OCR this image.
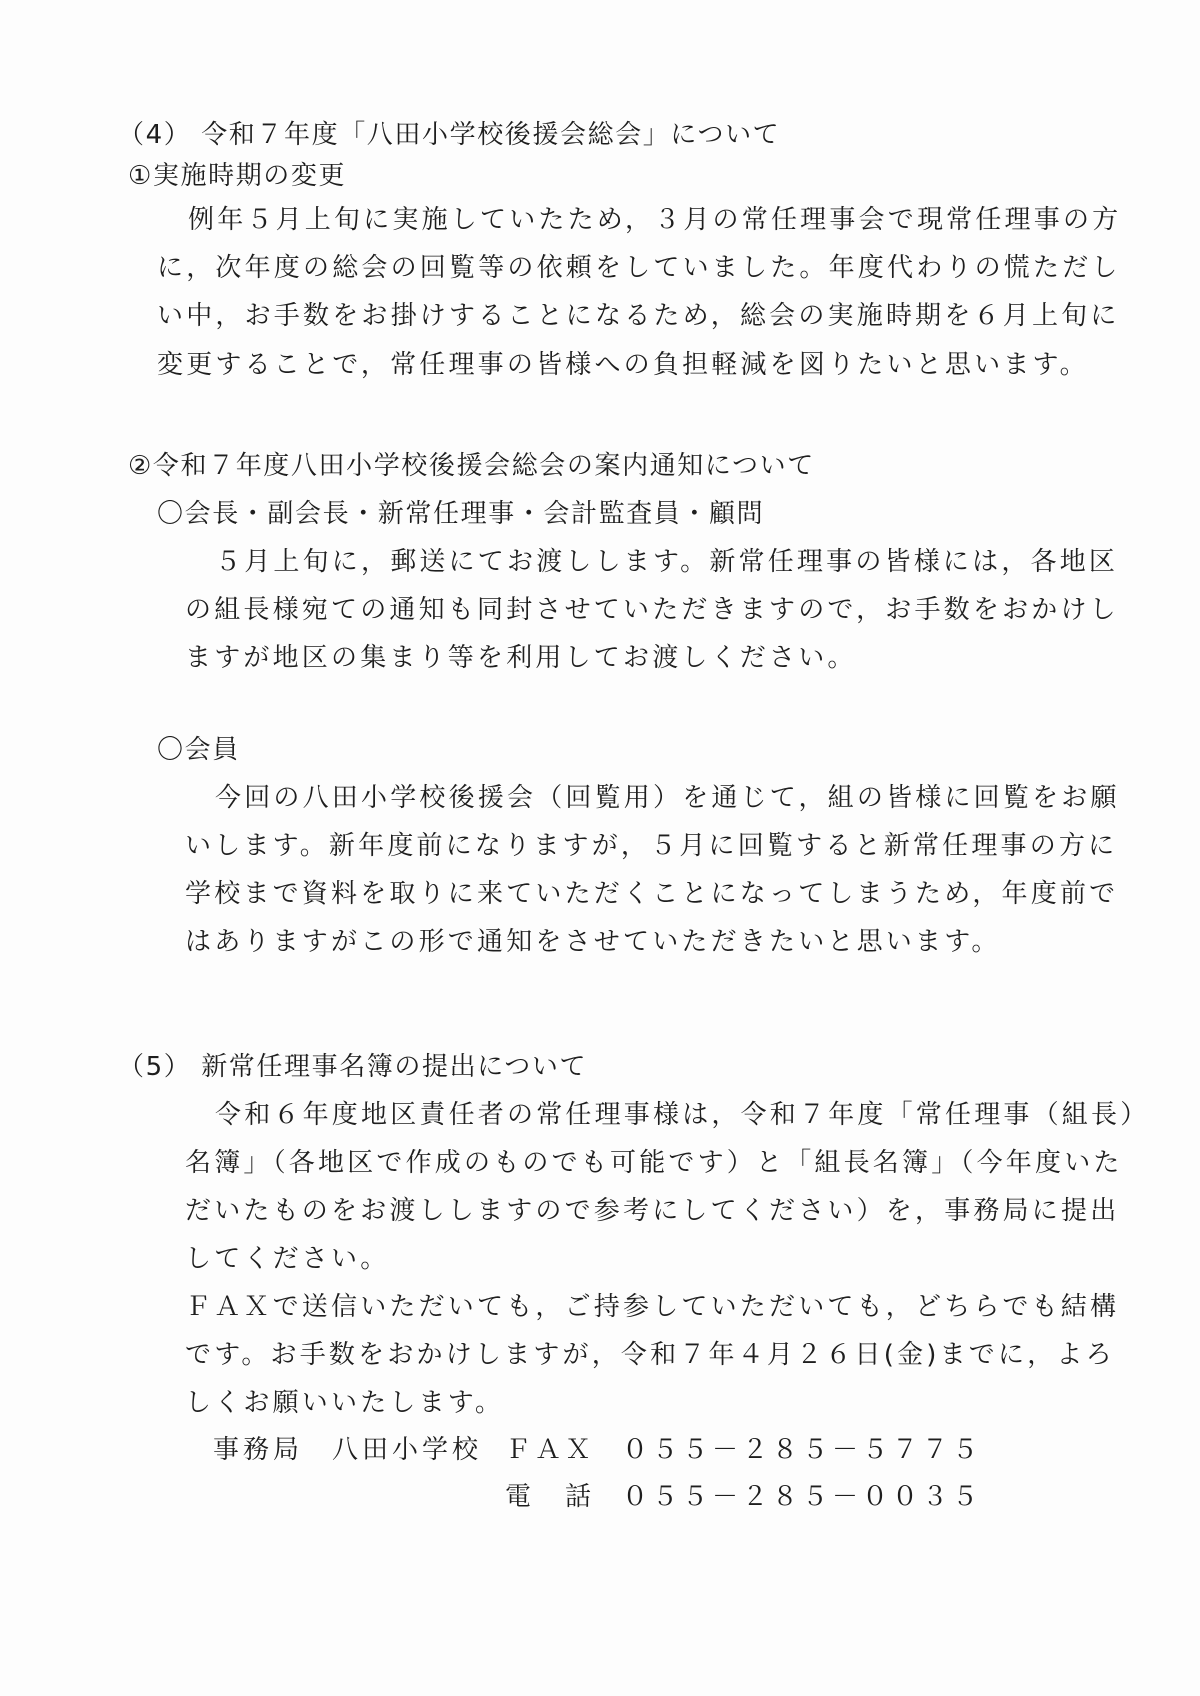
（4） 令和７年度「八田小学校後援会総会」について
①実施時期の変更
例年５月上旬に実施していたため，３月の常任理事会で現常任理事の方
に，次年度の総会の回覧等の依頼をしていました。年度代わりの慌ただし
い中，お手数をお掛けすることになるため，総会の実施時期を６月上旬に
変更することで，常任理事の皆様への負担軽減を図りたいと思います。
②令和７年度八田小学校後援会総会の案内通知について
〇会長・副会長・新常任理事・会計監査員・顧問
５月上旬に，郵送にてお渡しします。新常任理事の皆様には，各地区
の組長様宛ての通知も同封させていただきますので，お手数をおかけし
ますが地区の集まり等を利用してお渡しください。
〇会員
今回の八田小学校後援会（回覧用）を通じて，組の皆様に回覧をお願
いします。新年度前になりますが，５月に回覧すると新常任理事の方に
学校まで資料を取りに来ていただくことになってしまうため，年度前で
はありますがこの形で通知をさせていただきたいと思います。
（5） 新常任理事名簿の提出について
令和６年度地区責任者の常任理事様は，令和７年度「常任理事（組長）
名簿」（各地区で作成のものでも可能です）と「組長名簿」（今年度いた
だいたものをお渡ししますので参考にしてください）を，事務局に提出
してください。
ＦＡＸで送信いただいても，ご持参していただいても，どちらでも結構
です。お手数をおかけしますが，令和７年４月２６日(金)までに，よろ
しくお願いいたします。
事務局 八田小学校 ＦＡＸ ０５５－２８５－５７７５
電　話 ０５５－２８５－００３５
